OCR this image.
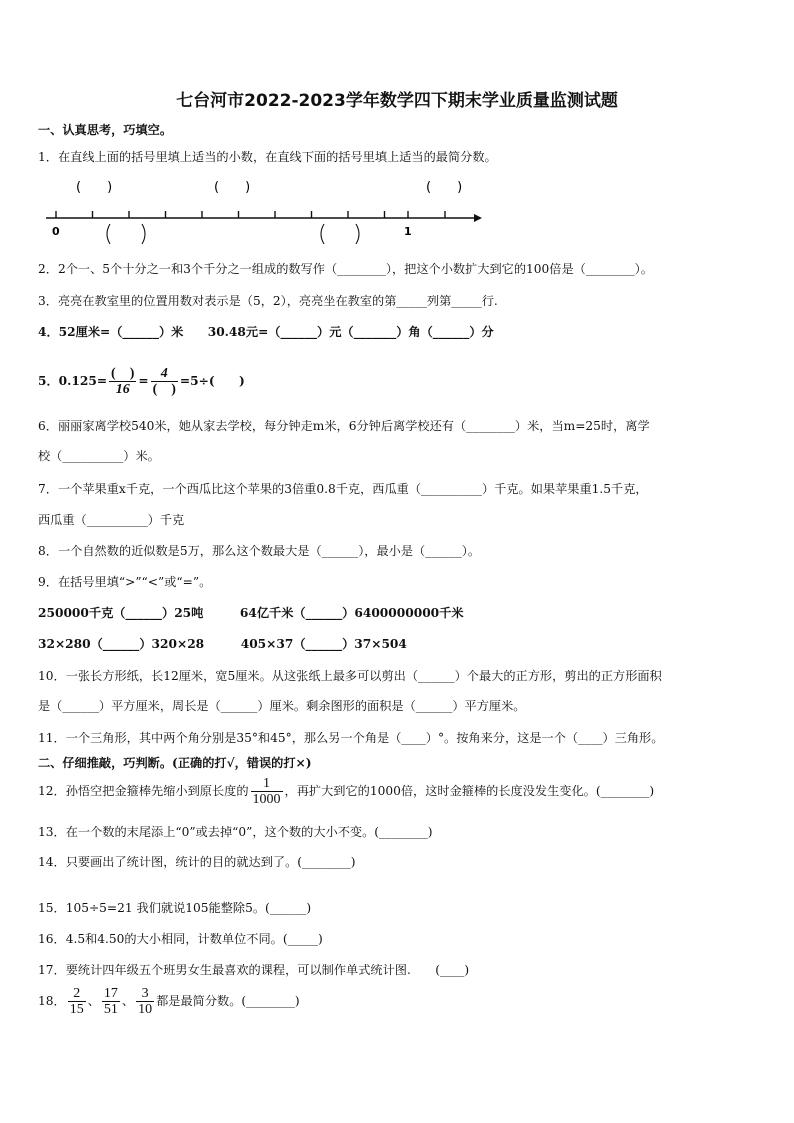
七台河市2022-2023学年数学四下期末学业质量监测试题
一、认真思考，巧填空。
1．在直线上面的括号里填上适当的小数，在直线下面的括号里填上适当的最简分数。
(　　)	(　　)	(　　)
0	1
2．2个一、5个十分之一和3个千分之一组成的数写作（________），把这个小数扩大到它的100倍是（________）。
3．亮亮在教室里的位置用数对表示是（5，2），亮亮坐在教室的第_____列第_____行.
4．52厘米=（______）米　　30.48元=（______）元（_______）角（______）分
5．$0.125= \frac{( )}{16} = \frac{4}{( )} =5\div$(　　)
6．丽丽家离学校540米，她从家去学校，每分钟走m米，6分钟后离学校还有（________）米，当m=25时，离学
校（__________）米。
7．一个苹果重x千克，一个西瓜比这个苹果的3倍重0.8千克，西瓜重（__________）千克。如果苹果重1.5千克，
西瓜重（__________）千克
8．一个自然数的近似数是5万，那么这个数最大是（______），最小是（______）。
9．在括号里填“>”“<”或“=”。
250000千克（______）25吨　　　64亿千米（______）6400000000千米
32×280（______）320×28　　　405×37（______）37×504
10．一张长方形纸，长12厘米，宽5厘米。从这张纸上最多可以剪出（______）个最大的正方形，剪出的正方形面积
是（______）平方厘米，周长是（______）厘米。剩余图形的面积是（______）平方厘米。
11．一个三角形，其中两个角分别是35°和45°，那么另一个角是（____）°。按角来分，这是一个（____）三角形。
二、仔细推敲，巧判断。(正确的打√，错误的打×)
12．孙悟空把金箍棒先缩小到原长度的 $\frac{1}{1000}$ ，再扩大到它的1000倍，这时金箍棒的长度没发生变化。(________)
13．在一个数的末尾添上“0”或去掉“0”，这个数的大小不变。(________)
14．只要画出了统计图，统计的目的就达到了。(________)
15．105÷5=21 我们就说105能整除5。(______)
16．4.5和4.50的大小相同，计数单位不同。(_____)
17．要统计四年级五个班男女生最喜欢的课程，可以制作单式统计图.　　(____)
18． $\frac{2}{15}$ 、 $\frac{17}{51}$ 、 $\frac{3}{10}$ 都是最简分数。(________)
